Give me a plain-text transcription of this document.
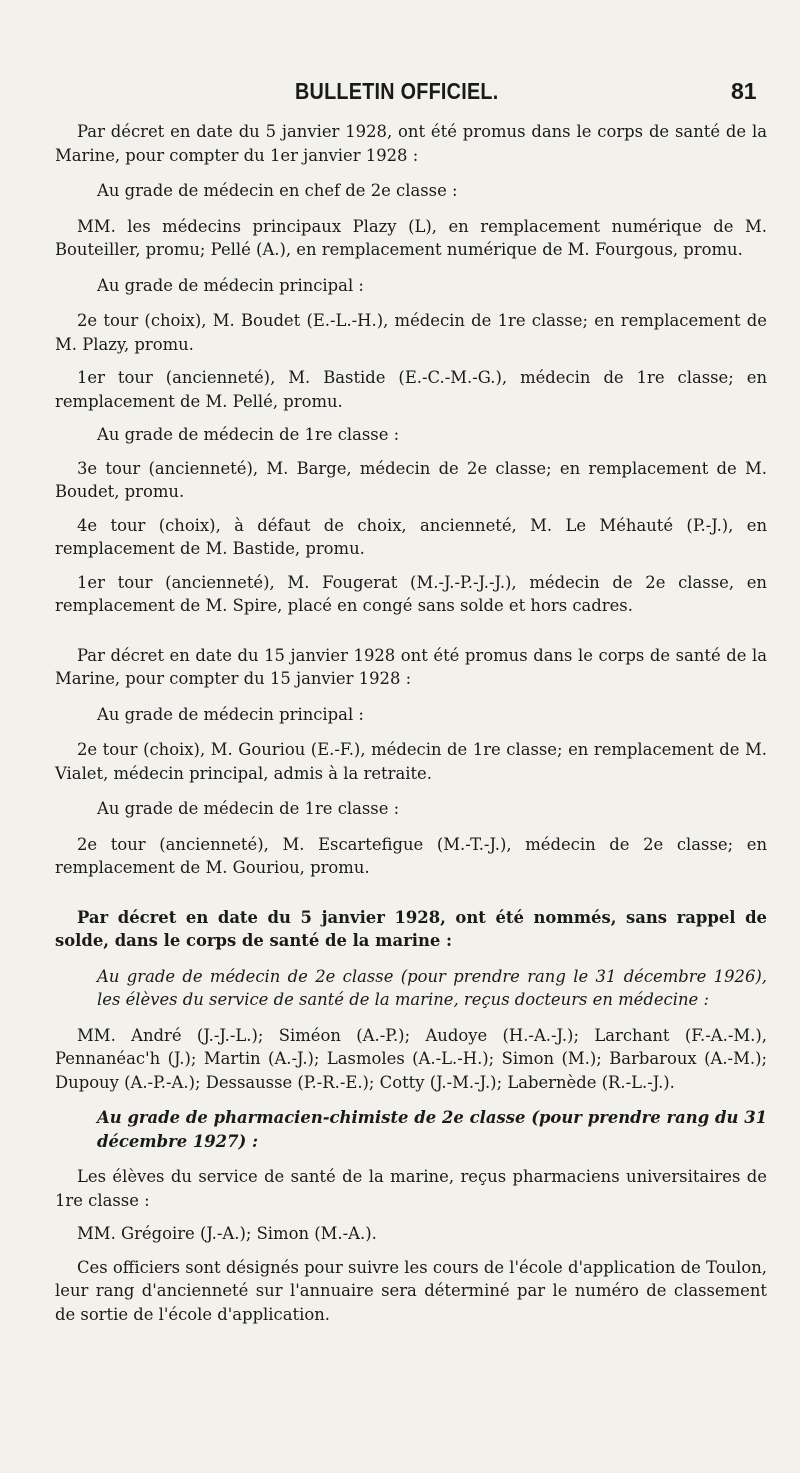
BULLETIN OFFICIEL.	81

Par décret en date du 5 janvier 1928, ont été promus dans le corps de santé de la Marine, pour compter du 1er janvier 1928 :

Au grade de médecin en chef de 2e classe :

MM. les médecins principaux Plazy (L), en remplacement numérique de M. Bouteiller, promu; Pellé (A.), en remplacement numérique de M. Fourgous, promu.

Au grade de médecin principal :

2e tour (choix), M. Boudet (E.-L.-H.), médecin de 1re classe; en remplacement de M. Plazy, promu.

1er tour (ancienneté), M. Bastide (E.-C.-M.-G.), médecin de 1re classe; en remplacement de M. Pellé, promu.

Au grade de médecin de 1re classe :

3e tour (ancienneté), M. Barge, médecin de 2e classe; en remplacement de M. Boudet, promu.

4e tour (choix), à défaut de choix, ancienneté, M. Le Méhauté (P.-J.), en remplacement de M. Bastide, promu.

1er tour (ancienneté), M. Fougerat (M.-J.-P.-J.-J.), médecin de 2e classe, en remplacement de M. Spire, placé en congé sans solde et hors cadres.

Par décret en date du 15 janvier 1928 ont été promus dans le corps de santé de la Marine, pour compter du 15 janvier 1928 :

Au grade de médecin principal :

2e tour (choix), M. Gouriou (E.-F.), médecin de 1re classe; en remplacement de M. Vialet, médecin principal, admis à la retraite.

Au grade de médecin de 1re classe :

2e tour (ancienneté), M. Escartefigue (M.-T.-J.), médecin de 2e classe; en remplacement de M. Gouriou, promu.

Par décret en date du 5 janvier 1928, ont été nommés, sans rappel de solde, dans le corps de santé de la marine :

Au grade de médecin de 2e classe (pour prendre rang le 31 décembre 1926), les élèves du service de santé de la marine, reçus docteurs en médecine :

MM. André (J.-J.-L.); Siméon (A.-P.); Audoye (H.-A.-J.); Larchant (F.-A.-M.), Pennanéac'h (J.); Martin (A.-J.); Lasmoles (A.-L.-H.); Simon (M.); Barbaroux (A.-M.); Dupouy (A.-P.-A.); Dessaussе (P.-R.-E.); Cotty (J.-M.-J.); Labernède (R.-L.-J.).

Au grade de pharmacien-chimiste de 2e classe (pour prendre rang du 31 décembre 1927) :

Les élèves du service de santé de la marine, reçus pharmaciens universitaires de 1re classe :

MM. Grégoire (J.-A.); Simon (M.-A.).

Ces officiers sont désignés pour suivre les cours de l'école d'application de Toulon, leur rang d'ancienneté sur l'annuaire sera déterminé par le numéro de classement de sortie de l'école d'application.
